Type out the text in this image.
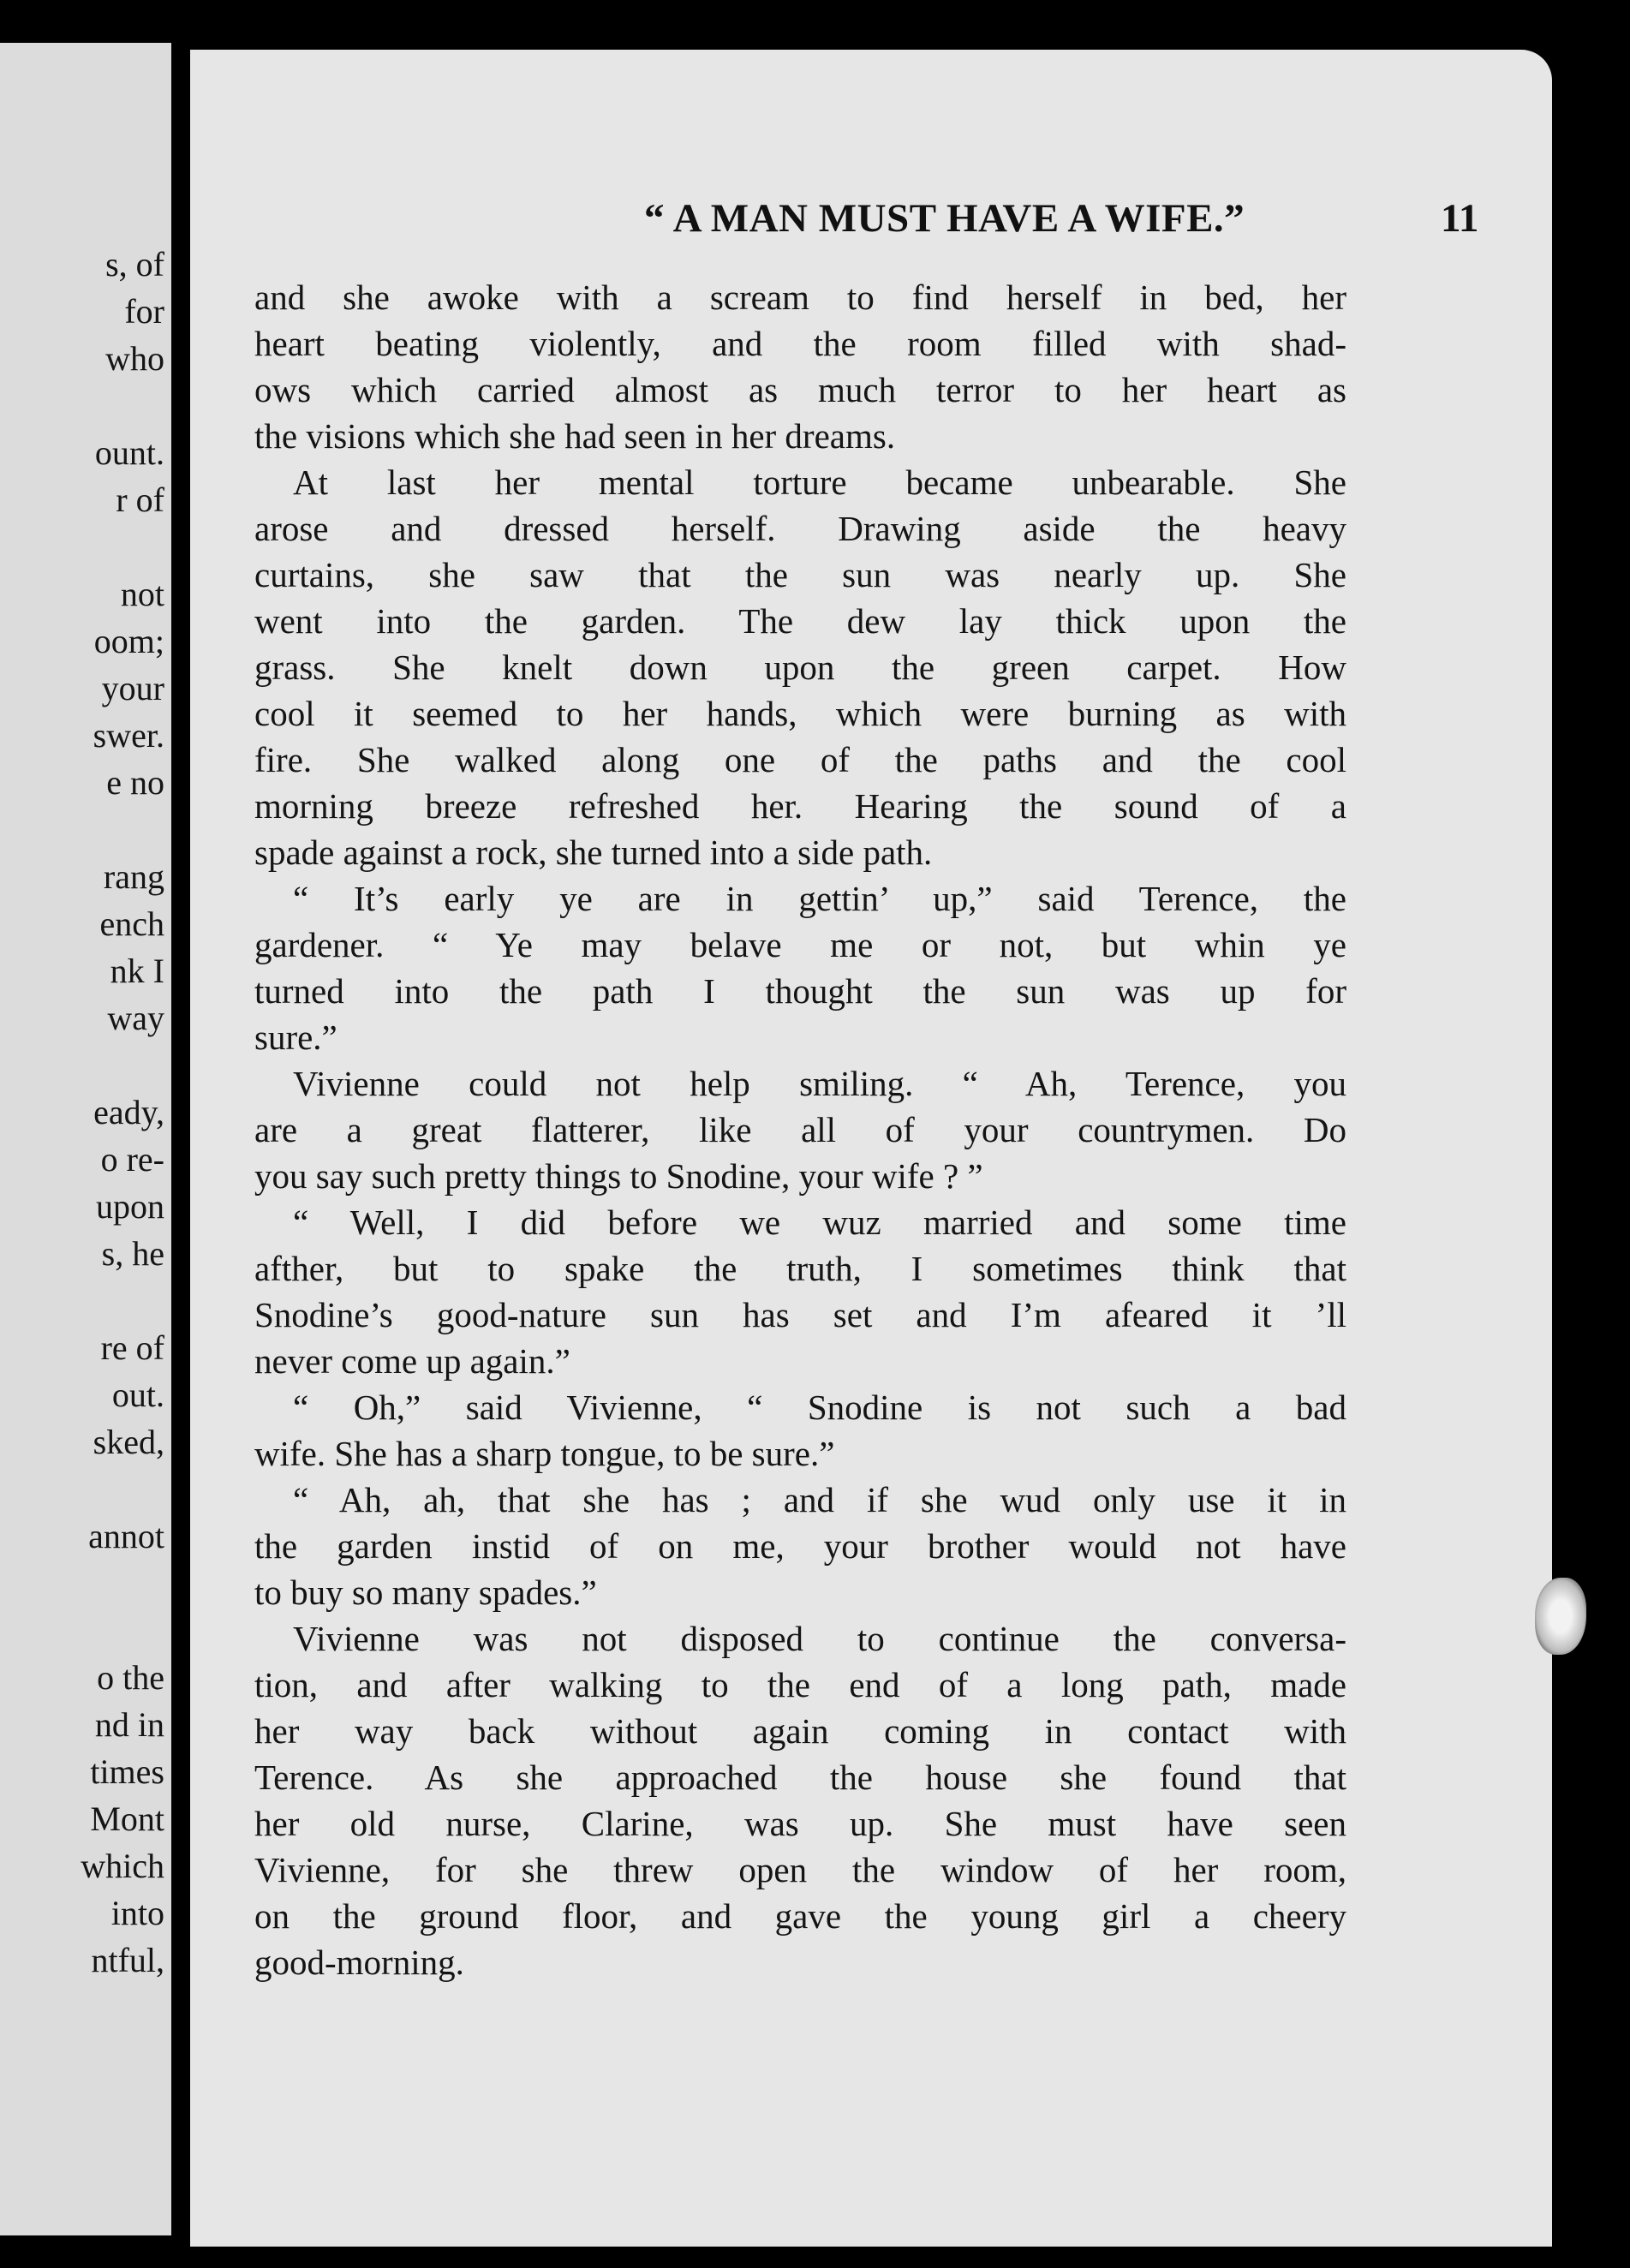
s, of
for
who
ount.
r of
not
oom;
your
swer.
e no
rang
ench
nk I
way
eady,
o re-
upon
s, he
re of
out.
sked,
annot
o the
nd in
times
Mont
which
into
ntful,
“ A MAN MUST HAVE A WIFE.”	11
and she awoke with a scream to find herself in bed, her
heart beating violently, and the room filled with shad-
ows which carried almost as much terror to her heart as
the visions which she had seen in her dreams.
At last her mental torture became unbearable. She
arose and dressed herself. Drawing aside the heavy
curtains, she saw that the sun was nearly up. She
went into the garden. The dew lay thick upon the
grass. She knelt down upon the green carpet. How
cool it seemed to her hands, which were burning as with
fire. She walked along one of the paths and the cool
morning breeze refreshed her. Hearing the sound of a
spade against a rock, she turned into a side path.
“ It’s early ye are in gettin’ up,” said Terence, the
gardener. “ Ye may belave me or not, but whin ye
turned into the path I thought the sun was up for
sure.”
Vivienne could not help smiling. “ Ah, Terence, you
are a great flatterer, like all of your countrymen. Do
you say such pretty things to Snodine, your wife ? ”
“ Well, I did before we wuz married and some time
afther, but to spake the truth, I sometimes think that
Snodine’s good-nature sun has set and I’m afeared it ’ll
never come up again.”
“ Oh,” said Vivienne, “ Snodine is not such a bad
wife. She has a sharp tongue, to be sure.”
“ Ah, ah, that she has ; and if she wud only use it in
the garden instid of on me, your brother would not have
to buy so many spades.”
Vivienne was not disposed to continue the conversa-
tion, and after walking to the end of a long path, made
her way back without again coming in contact with
Terence. As she approached the house she found that
her old nurse, Clarine, was up. She must have seen
Vivienne, for she threw open the window of her room,
on the ground floor, and gave the young girl a cheery
good-morning.
